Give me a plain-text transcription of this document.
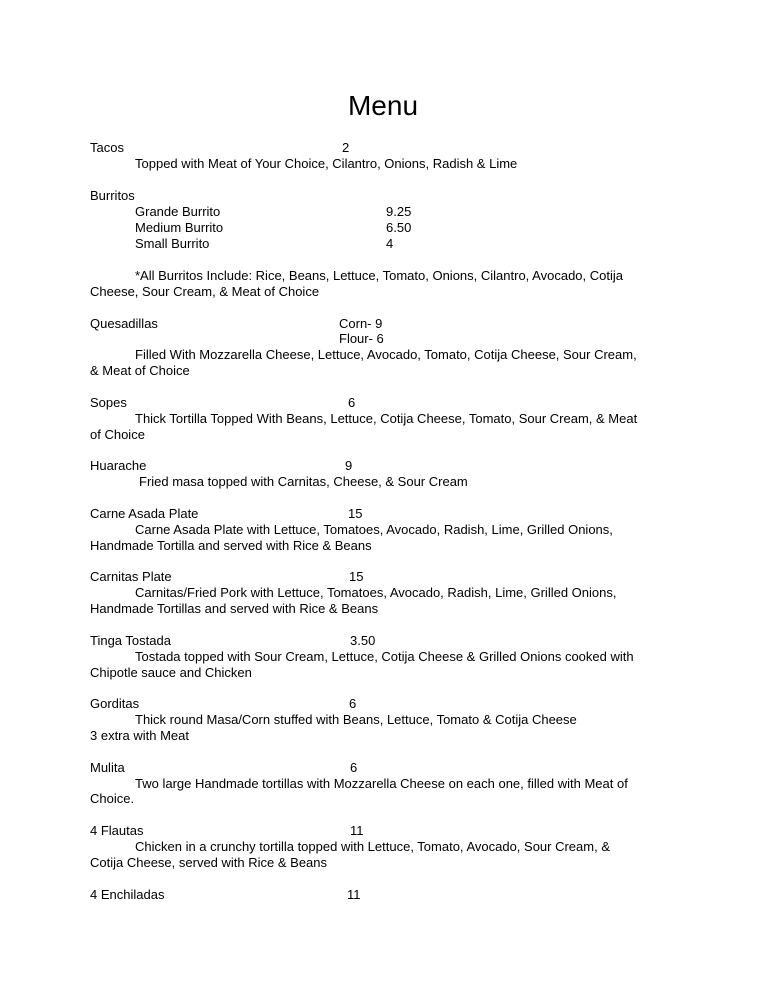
Menu
Tacos	2
Topped with Meat of Your Choice, Cilantro, Onions, Radish & Lime
Burritos
Grande Burrito	9.25
Medium Burrito	6.50
Small Burrito	4
*All Burritos Include: Rice, Beans, Lettuce, Tomato, Onions, Cilantro, Avocado, Cotija
Cheese, Sour Cream, & Meat of Choice
Quesadillas	Corn- 9
Flour- 6
Filled With Mozzarella Cheese, Lettuce, Avocado, Tomato, Cotija Cheese, Sour Cream,
& Meat of Choice
Sopes	6
Thick Tortilla Topped With Beans, Lettuce, Cotija Cheese, Tomato, Sour Cream, & Meat
of Choice
Huarache	9
Fried masa topped with Carnitas, Cheese, & Sour Cream
Carne Asada Plate	15
Carne Asada Plate with Lettuce, Tomatoes, Avocado, Radish, Lime, Grilled Onions,
Handmade Tortilla and served with Rice & Beans
Carnitas Plate	15
Carnitas/Fried Pork with Lettuce, Tomatoes, Avocado, Radish, Lime, Grilled Onions,
Handmade Tortillas and served with Rice & Beans
Tinga Tostada	3.50
Tostada topped with Sour Cream, Lettuce, Cotija Cheese & Grilled Onions cooked with
Chipotle sauce and Chicken
Gorditas	6
Thick round Masa/Corn stuffed with Beans, Lettuce, Tomato & Cotija Cheese
3 extra with Meat
Mulita	6
Two large Handmade tortillas with Mozzarella Cheese on each one, filled with Meat of
Choice.
4 Flautas	11
Chicken in a crunchy tortilla topped with Lettuce, Tomato, Avocado, Sour Cream, &
Cotija Cheese, served with Rice & Beans
4 Enchiladas	11
